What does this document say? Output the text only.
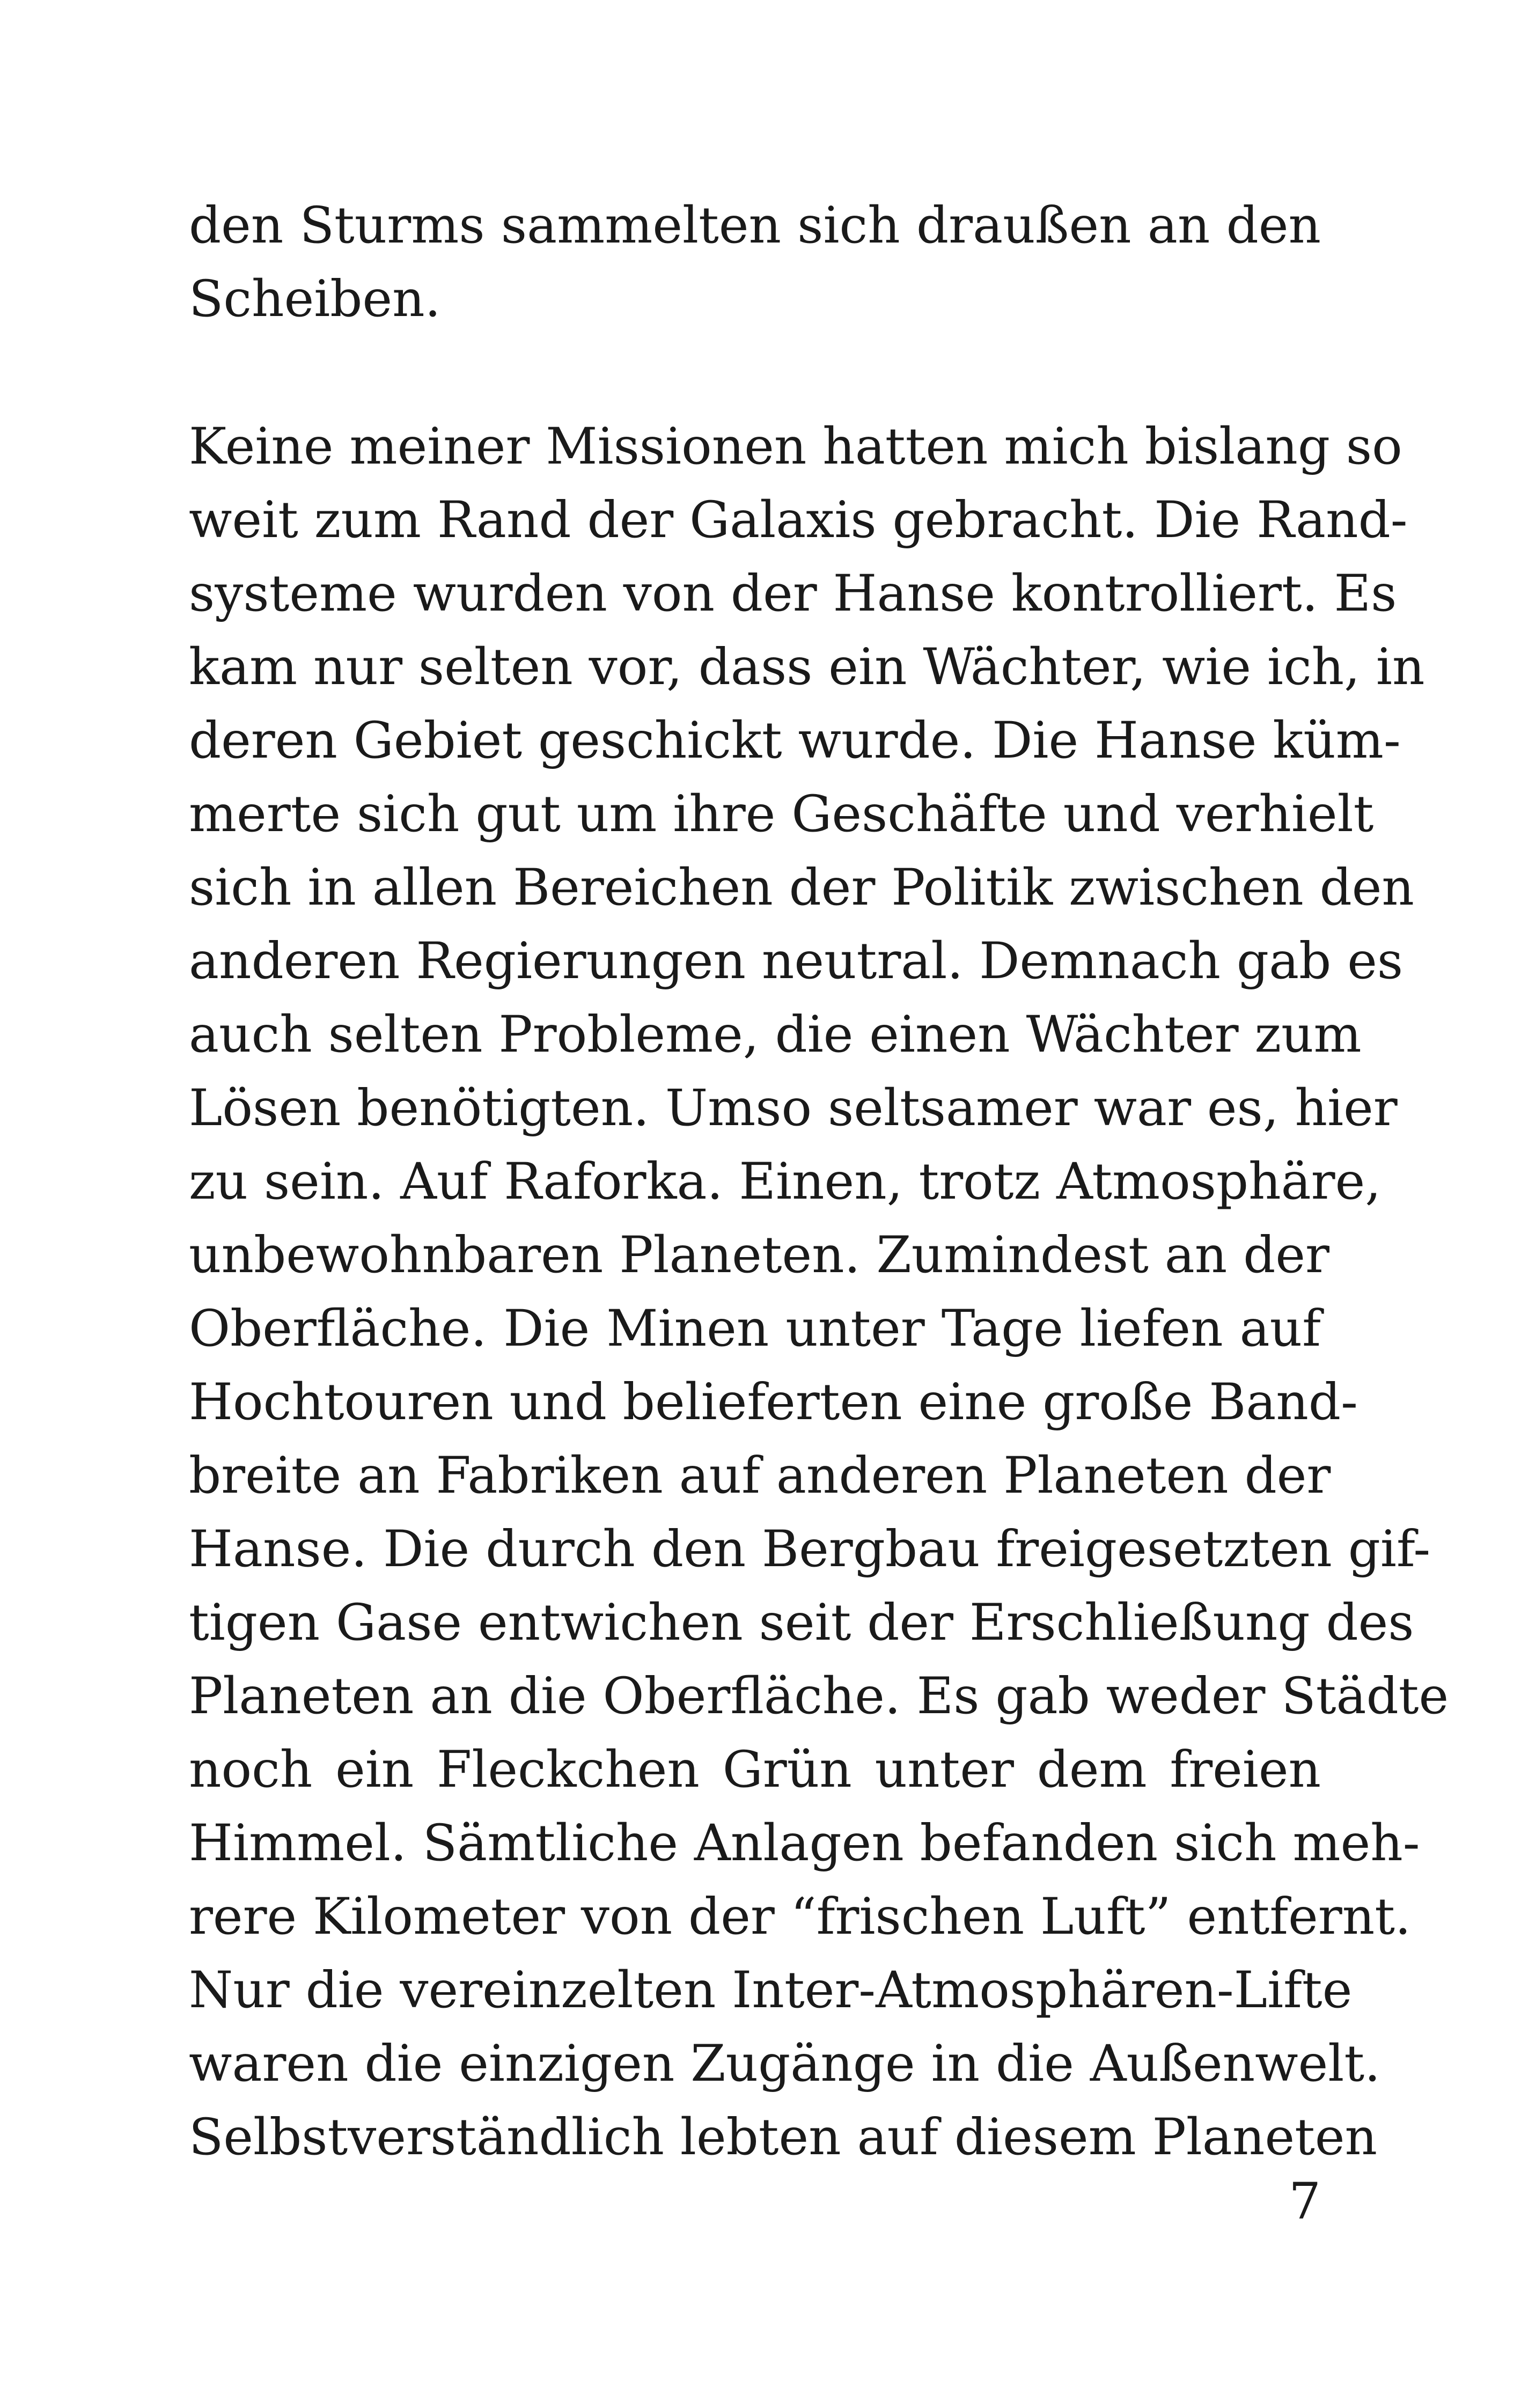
den Sturms sammelten sich draußen an den
Scheiben.
Keine meiner Missionen hatten mich bislang so
weit zum Rand der Galaxis gebracht. Die Rand-
systeme wurden von der Hanse kontrolliert. Es
kam nur selten vor, dass ein Wächter, wie ich, in
deren Gebiet geschickt wurde. Die Hanse küm-
merte sich gut um ihre Geschäfte und verhielt
sich in allen Bereichen der Politik zwischen den
anderen Regierungen neutral. Demnach gab es
auch selten Probleme, die einen Wächter zum
Lösen benötigten. Umso seltsamer war es, hier
zu sein. Auf Raforka. Einen, trotz Atmosphäre,
unbewohnbaren Planeten. Zumindest an der
Oberfläche. Die Minen unter Tage liefen auf
Hochtouren und belieferten eine große Band-
breite an Fabriken auf anderen Planeten der
Hanse. Die durch den Bergbau freigesetzten gif-
tigen Gase entwichen seit der Erschließung des
Planeten an die Oberfläche. Es gab weder Städte
noch ein Fleckchen Grün unter dem freien
Himmel. Sämtliche Anlagen befanden sich meh-
rere Kilometer von der “frischen Luft” entfernt.
Nur die vereinzelten Inter-Atmosphären-Lifte
waren die einzigen Zugänge in die Außenwelt.
Selbstverständlich lebten auf diesem Planeten
7
